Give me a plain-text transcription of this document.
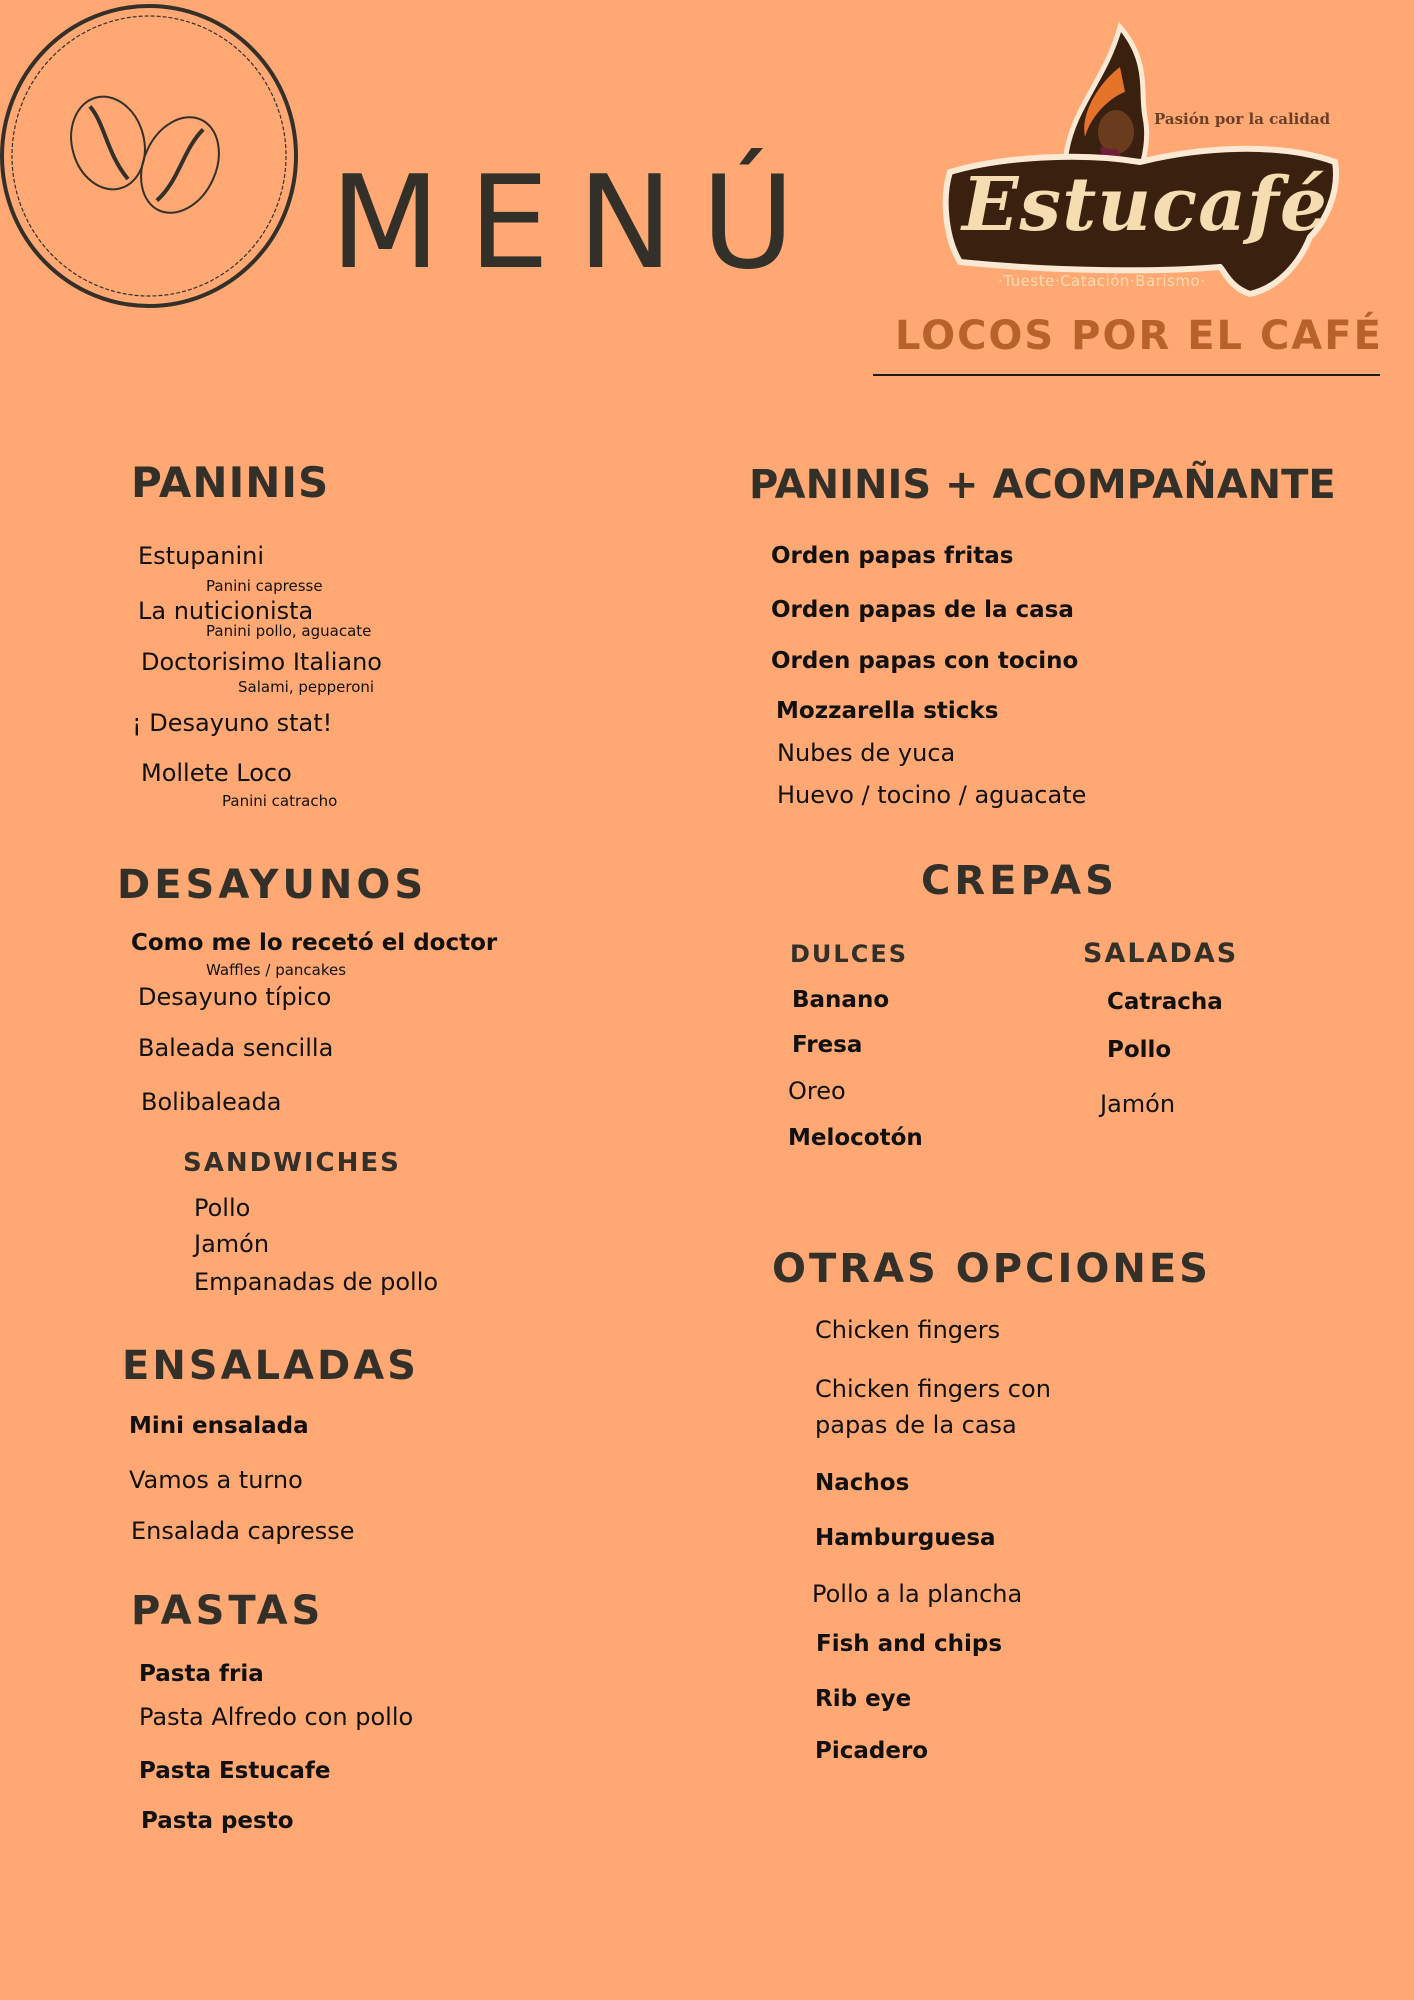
MENÚ Estucafé
Pasión por la calidad
·Tueste·Catación·Barismo·
LOCOS POR EL CAFÉ
PANINIS
Estupanini
Panini capresse
La nuticionista
Panini pollo, aguacate
Doctorisimo Italiano
Salami, pepperoni
¡ Desayuno stat!
Mollete Loco
Panini catracho
DESAYUNOS
Como me lo recetó el doctor
Waffles / pancakes
Desayuno típico
Baleada sencilla
Bolibaleada
SANDWICHES
Pollo
Jamón
Empanadas de pollo
ENSALADAS
Mini ensalada
Vamos a turno
Ensalada capresse
PASTAS
Pasta fria
Pasta Alfredo con pollo
Pasta Estucafe
Pasta pesto
PANINIS + ACOMPAÑANTE
Orden papas fritas
Orden papas de la casa
Orden papas con tocino
Mozzarella sticks
Nubes de yuca
Huevo / tocino / aguacate
CREPAS
DULCES	SALADAS
Banano
Fresa
Oreo
Melocotón
Catracha
Pollo
Jamón
OTRAS OPCIONES
Chicken fingers
Chicken fingers con
papas de la casa
Nachos
Hamburguesa
Pollo a la plancha
Fish and chips
Rib eye
Picadero
